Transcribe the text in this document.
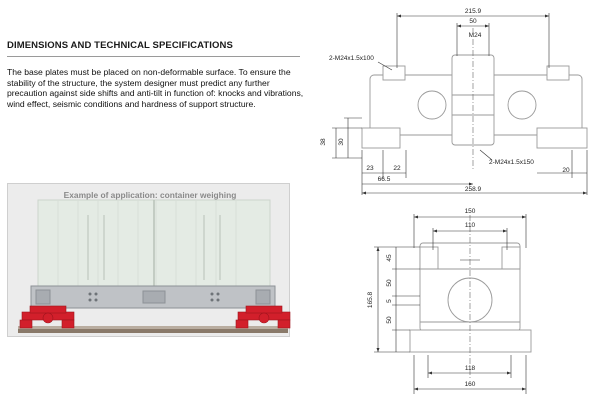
DIMENSIONS AND TECHNICAL SPECIFICATIONS

The base plates must be placed on non-deformable surface. To ensure the stability of the structure, the system designer must predict any further precaution against side shifts and anti-tilt in function of: knocks and vibrations, wind effect, seismic conditions and hardness of support structure.

Example of application: container weighing
215.9
50
M24
2-M24x1.5x100
2-M24x1.5x150
38 30
23	22
66.5
20
258.9
150
110
45
50
5
50
165.8
118
160
